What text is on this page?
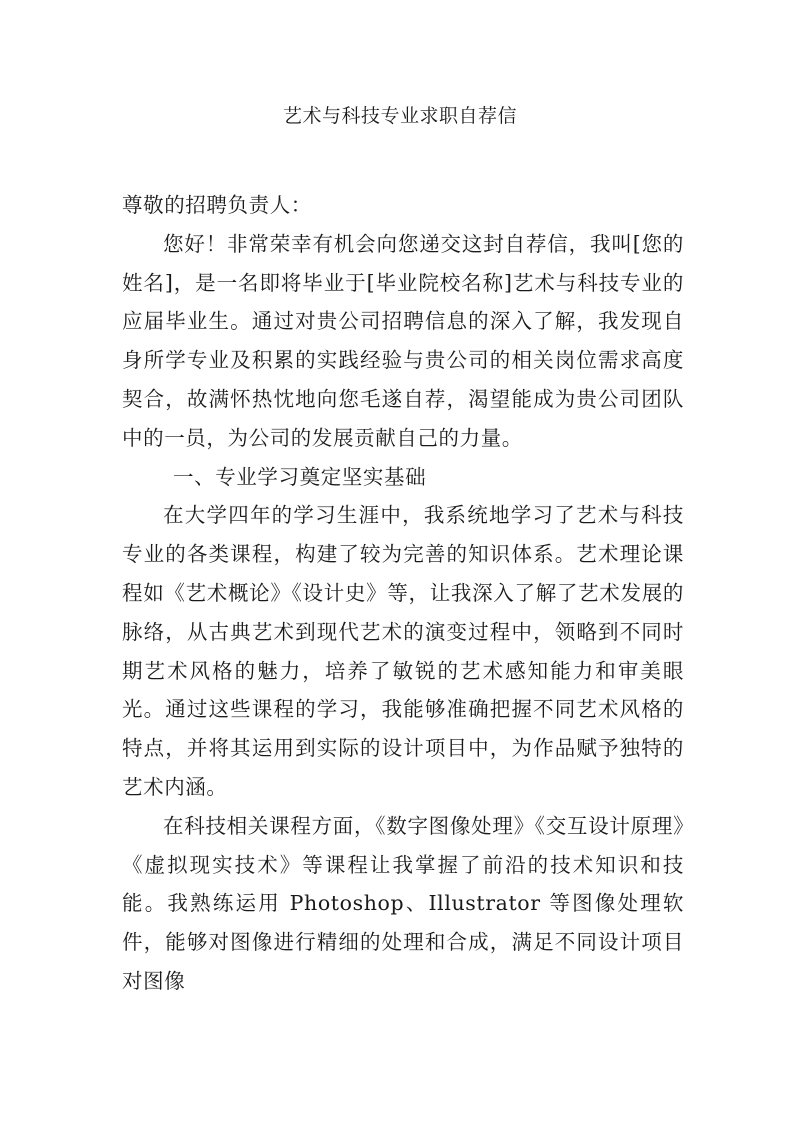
艺术与科技专业求职自荐信

尊敬的招聘负责人：

您好！非常荣幸有机会向您递交这封自荐信，我叫[您的姓名]，是一名即将毕业于[毕业院校名称]艺术与科技专业的应届毕业生。通过对贵公司招聘信息的深入了解，我发现自身所学专业及积累的实践经验与贵公司的相关岗位需求高度契合，故满怀热忱地向您毛遂自荐，渴望能成为贵公司团队中的一员，为公司的发展贡献自己的力量。

一、专业学习奠定坚实基础

在大学四年的学习生涯中，我系统地学习了艺术与科技专业的各类课程，构建了较为完善的知识体系。艺术理论课程如《艺术概论》《设计史》等，让我深入了解了艺术发展的脉络，从古典艺术到现代艺术的演变过程中，领略到不同时期艺术风格的魅力，培养了敏锐的艺术感知能力和审美眼光。通过这些课程的学习，我能够准确把握不同艺术风格的特点，并将其运用到实际的设计项目中，为作品赋予独特的艺术内涵。

在科技相关课程方面，《数字图像处理》《交互设计原理》《虚拟现实技术》等课程让我掌握了前沿的技术知识和技能。我熟练运用 Photoshop、Illustrator 等图像处理软件，能够对图像进行精细的处理和合成，满足不同设计项目对图像
